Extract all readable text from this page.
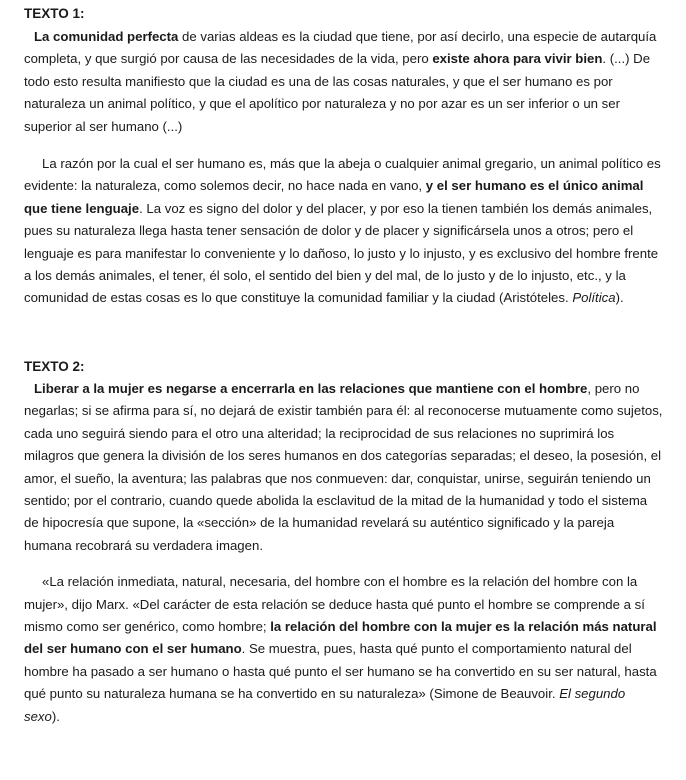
TEXTO 1:

La comunidad perfecta de varias aldeas es la ciudad que tiene, por así decirlo, una especie de autarquía completa, y que surgió por causa de las necesidades de la vida, pero existe ahora para vivir bien. (...) De todo esto resulta manifiesto que la ciudad es una de las cosas naturales, y que el ser humano es por naturaleza un animal político, y que el apolítico por naturaleza y no por azar es un ser inferior o un ser superior al ser humano (...)

La razón por la cual el ser humano es, más que la abeja o cualquier animal gregario, un animal político es evidente: la naturaleza, como solemos decir, no hace nada en vano, y el ser humano es el único animal que tiene lenguaje. La voz es signo del dolor y del placer, y por eso la tienen también los demás animales, pues su naturaleza llega hasta tener sensación de dolor y de placer y significársela unos a otros; pero el lenguaje es para manifestar lo conveniente y lo dañoso, lo justo y lo injusto, y es exclusivo del hombre frente a los demás animales, el tener, él solo, el sentido del bien y del mal, de lo justo y de lo injusto, etc., y la comunidad de estas cosas es lo que constituye la comunidad familiar y la ciudad (Aristóteles. Política).

TEXTO 2:

Liberar a la mujer es negarse a encerrarla en las relaciones que mantiene con el hombre, pero no negarlas; si se afirma para sí, no dejará de existir también para él: al reconocerse mutuamente como sujetos, cada uno seguirá siendo para el otro una alteridad; la reciprocidad de sus relaciones no suprimirá los milagros que genera la división de los seres humanos en dos categorías separadas; el deseo, la posesión, el amor, el sueño, la aventura; las palabras que nos conmueven: dar, conquistar, unirse, seguirán teniendo un sentido; por el contrario, cuando quede abolida la esclavitud de la mitad de la humanidad y todo el sistema de hipocresía que supone, la «sección» de la humanidad revelará su auténtico significado y la pareja humana recobrará su verdadera imagen.

«La relación inmediata, natural, necesaria, del hombre con el hombre es la relación del hombre con la mujer», dijo Marx. «Del carácter de esta relación se deduce hasta qué punto el hombre se comprende a sí mismo como ser genérico, como hombre; la relación del hombre con la mujer es la relación más natural del ser humano con el ser humano. Se muestra, pues, hasta qué punto el comportamiento natural del hombre ha pasado a ser humano o hasta qué punto el ser humano se ha convertido en su ser natural, hasta qué punto su naturaleza humana se ha convertido en su naturaleza» (Simone de Beauvoir. El segundo sexo).
